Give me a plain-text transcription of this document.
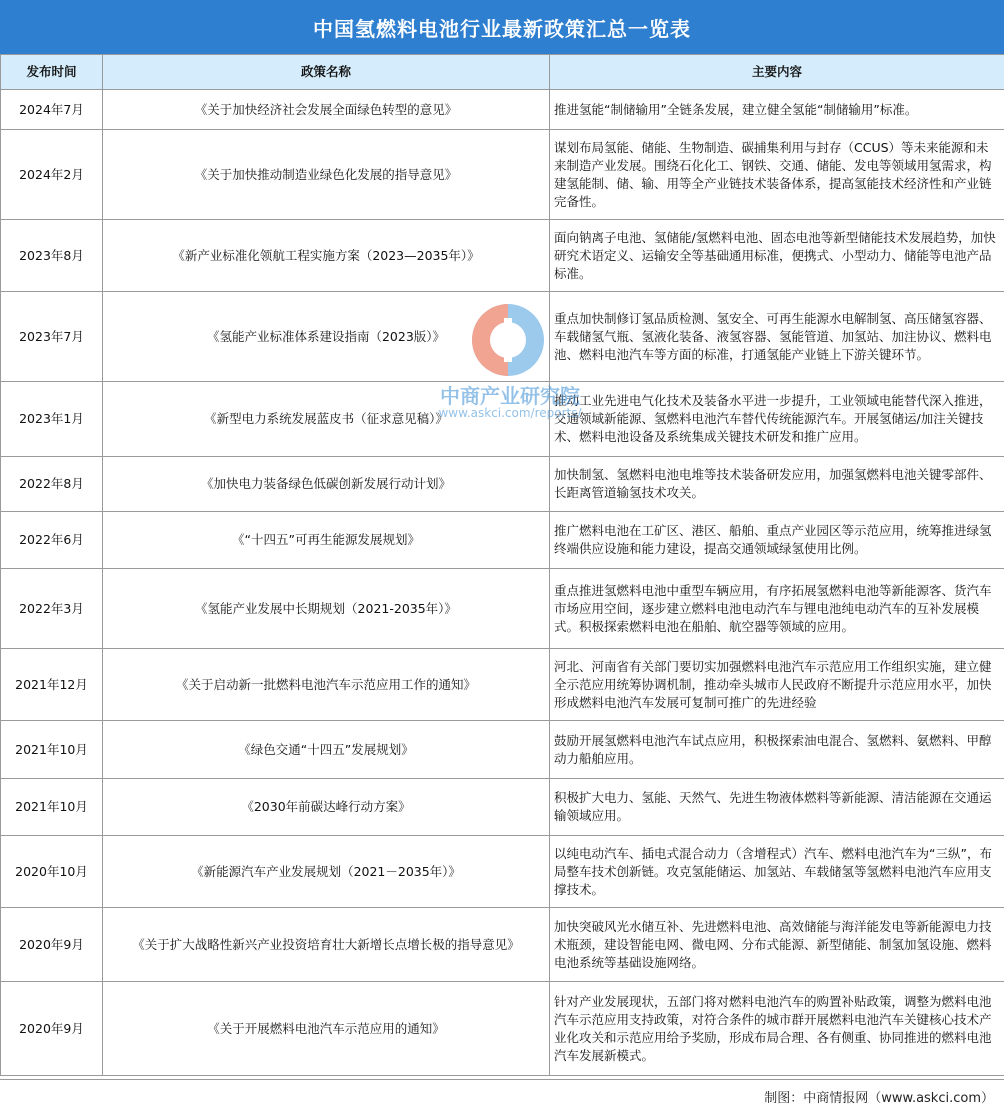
中国氢燃料电池行业最新政策汇总一览表
发布时间	政策名称	主要内容
2024年7月	《关于加快经济社会发展全面绿色转型的意见》	推进氢能“制储输用”全链条发展，建立健全氢能“制储输用”标准。
2024年2月	《关于加快推动制造业绿色化发展的指导意见》	谋划布局氢能、储能、生物制造、碳捕集利用与封存（CCUS）等未来能源和未来制造产业发展。围绕石化化工、钢铁、交通、储能、发电等领域用氢需求，构建氢能制、储、输、用等全产业链技术装备体系，提高氢能技术经济性和产业链完备性。
2023年8月	《新产业标准化领航工程实施方案（2023—2035年）》	面向钠离子电池、氢储能/氢燃料电池、固态电池等新型储能技术发展趋势，加快研究术语定义、运输安全等基础通用标准，便携式、小型动力、储能等电池产品标准。
2023年7月	《氢能产业标准体系建设指南（2023版）》	重点加快制修订氢品质检测、氢安全、可再生能源水电解制氢、高压储氢容器、车载储氢气瓶、氢液化装备、液氢容器、氢能管道、加氢站、加注协议、燃料电池、燃料电池汽车等方面的标准，打通氢能产业链上下游关键环节。
2023年1月	《新型电力系统发展蓝皮书（征求意见稿）》	推动工业先进电气化技术及装备水平进一步提升，工业领域电能替代深入推进，交通领域新能源、氢燃料电池汽车替代传统能源汽车。开展氢储运/加注关键技术、燃料电池设备及系统集成关键技术研发和推广应用。
2022年8月	《加快电力装备绿色低碳创新发展行动计划》	加快制氢、氢燃料电池电堆等技术装备研发应用，加强氢燃料电池关键零部件、长距离管道输氢技术攻关。
2022年6月	《“十四五”可再生能源发展规划》	推广燃料电池在工矿区、港区、船舶、重点产业园区等示范应用，统筹推进绿氢终端供应设施和能力建设，提高交通领域绿氢使用比例。
2022年3月	《氢能产业发展中长期规划（2021-2035年）》	重点推进氢燃料电池中重型车辆应用，有序拓展氢燃料电池等新能源客、货汽车市场应用空间，逐步建立燃料电池电动汽车与锂电池纯电动汽车的互补发展模式。积极探索燃料电池在船舶、航空器等领域的应用。
2021年12月	《关于启动新一批燃料电池汽车示范应用工作的通知》	河北、河南省有关部门要切实加强燃料电池汽车示范应用工作组织实施，建立健全示范应用统筹协调机制，推动牵头城市人民政府不断提升示范应用水平，加快形成燃料电池汽车发展可复制可推广的先进经验
2021年10月	《绿色交通“十四五”发展规划》	鼓励开展氢燃料电池汽车试点应用，积极探索油电混合、氢燃料、氨燃料、甲醇动力船舶应用。
2021年10月	《2030年前碳达峰行动方案》	积极扩大电力、氢能、天然气、先进生物液体燃料等新能源、清洁能源在交通运输领域应用。
2020年10月	《新能源汽车产业发展规划（2021－2035年）》	以纯电动汽车、插电式混合动力（含增程式）汽车、燃料电池汽车为“三纵”，布局整车技术创新链。攻克氢能储运、加氢站、车载储氢等氢燃料电池汽车应用支撑技术。
2020年9月	《关于扩大战略性新兴产业投资培育壮大新增长点增长极的指导意见》	加快突破风光水储互补、先进燃料电池、高效储能与海洋能发电等新能源电力技术瓶颈，建设智能电网、微电网、分布式能源、新型储能、制氢加氢设施、燃料电池系统等基础设施网络。
2020年9月	《关于开展燃料电池汽车示范应用的通知》	针对产业发展现状，五部门将对燃料电池汽车的购置补贴政策，调整为燃料电池汽车示范应用支持政策，对符合条件的城市群开展燃料电池汽车关键核心技术产业化攻关和示范应用给予奖励，形成布局合理、各有侧重、协同推进的燃料电池汽车发展新模式。
中商产业研究院
www.askci.com/reports/
制图：中商情报网（www.askci.com）
